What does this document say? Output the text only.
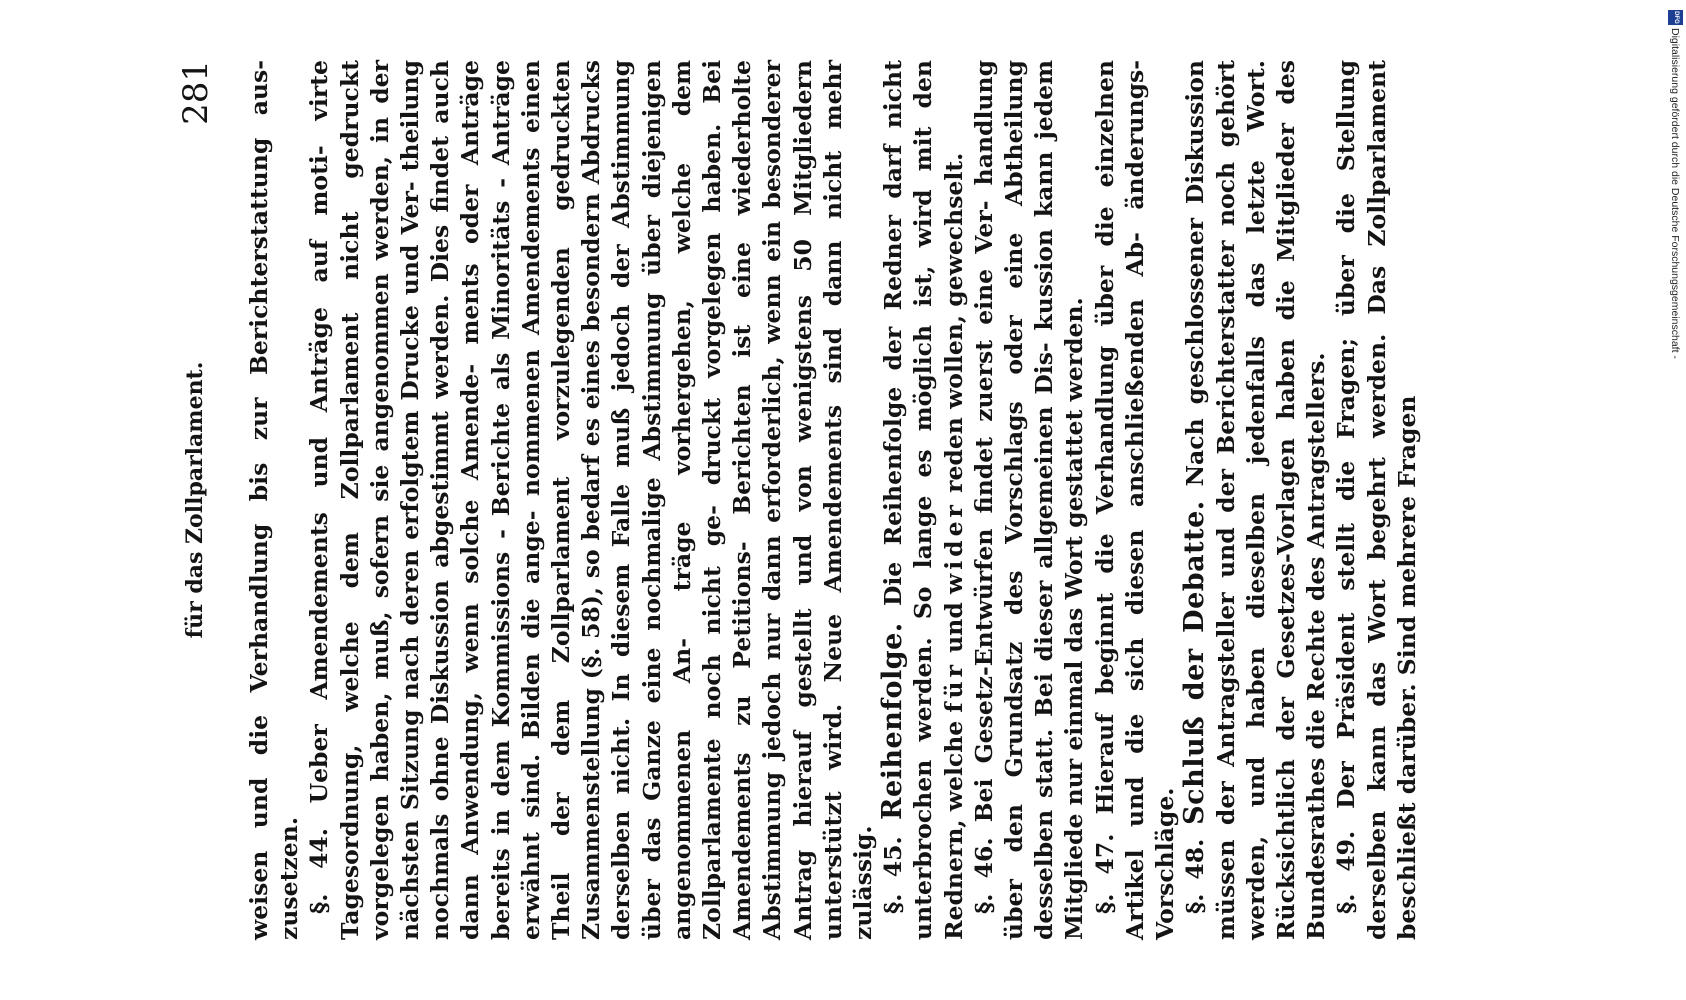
für das Zollparlament.
281 weisen und die Verhandlung bis zur Berichterstattung aus- zusetzen. §. 44. Ueber Amendements und Anträge auf moti- virte Tagesordnung, welche dem Zollparlament nicht gedruckt vorgelegen haben, muß, sofern sie angenommen werden, in der nächsten Sitzung nach deren erfolgtem Drucke und Ver- theilung nochmals ohne Diskussion abgestimmt werden. Dies findet auch dann Anwendung, wenn solche Amende- ments oder Anträge bereits in dem Kommissions - Berichte als Minoritäts - Anträge erwähnt sind. Bilden die ange- nommenen Amendements einen Theil der dem Zollparlament vorzulegenden gedruckten Zusammenstellung (§. 58), so bedarf es eines besondern Abdrucks derselben nicht. In diesem Falle muß jedoch der Abstimmung über das Ganze eine nochmalige Abstimmung über diejenigen angenommenen An- träge vorhergehen, welche dem Zollparlamente noch nicht ge- druckt vorgelegen haben. Bei Amendements zu Petitions- Berichten ist eine wiederholte Abstimmung jedoch nur dann erforderlich, wenn ein besonderer Antrag hierauf gestellt und von wenigstens 50 Mitgliedern unterstützt wird. Neue Amendements sind dann nicht mehr zulässig. §. 45. Reihenfolge. Die Reihenfolge der Redner darf nicht unterbrochen werden. So lange es möglich ist, wird mit den Rednern, welche für und wider reden wollen, gewechselt. §. 46. Bei Gesetz-Entwürfen findet zuerst eine Ver- handlung über den Grundsatz des Vorschlags oder eine Abtheilung desselben statt. Bei dieser allgemeinen Dis- kussion kann jedem Mitgliede nur einmal das Wort gestattet werden. §. 47. Hierauf beginnt die Verhandlung über die einzelnen Artikel und die sich diesen anschließenden Ab- änderungs-Vorschläge. §. 48. Schluß der Debatte. Nach geschlossener Diskussion müssen der Antragsteller und der Berichterstatter noch gehört werden, und haben dieselben jedenfalls das letzte Wort. Rücksichtlich der Gesetzes-Vorlagen haben die Mitglieder des Bundesrathes die Rechte des Antragstellers. §. 49. Der Präsident stellt die Fragen; über die Stellung derselben kann das Wort begehrt werden. Das Zollparlament beschließt darüber. Sind mehrere Fragen

DFG
Digitalisierung gefördert durch die Deutsche Forschungsgemeinschaft -
